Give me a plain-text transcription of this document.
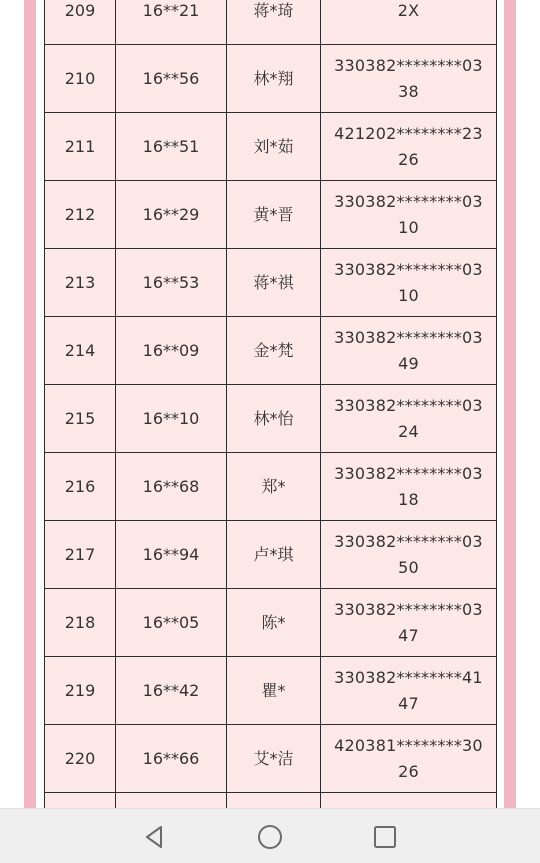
209	16**21	蒋*琦	2X

210	16**56	林*翔	330382********03
38

211	16**51	刘*茹	421202********23
26

212	16**29	黄*晋	330382********03
10

213	16**53	蒋*祺	330382********03
10

214	16**09	金*梵	330382********03
49

215	16**10	林*怡	330382********03
24

216	16**68	郑*	330382********03
18

217	16**94	卢*琪	330382********03
50

218	16**05	陈*	330382********03
47

219	16**42	瞿*	330382********41
47

220	16**66	艾*洁	420381********30
26
